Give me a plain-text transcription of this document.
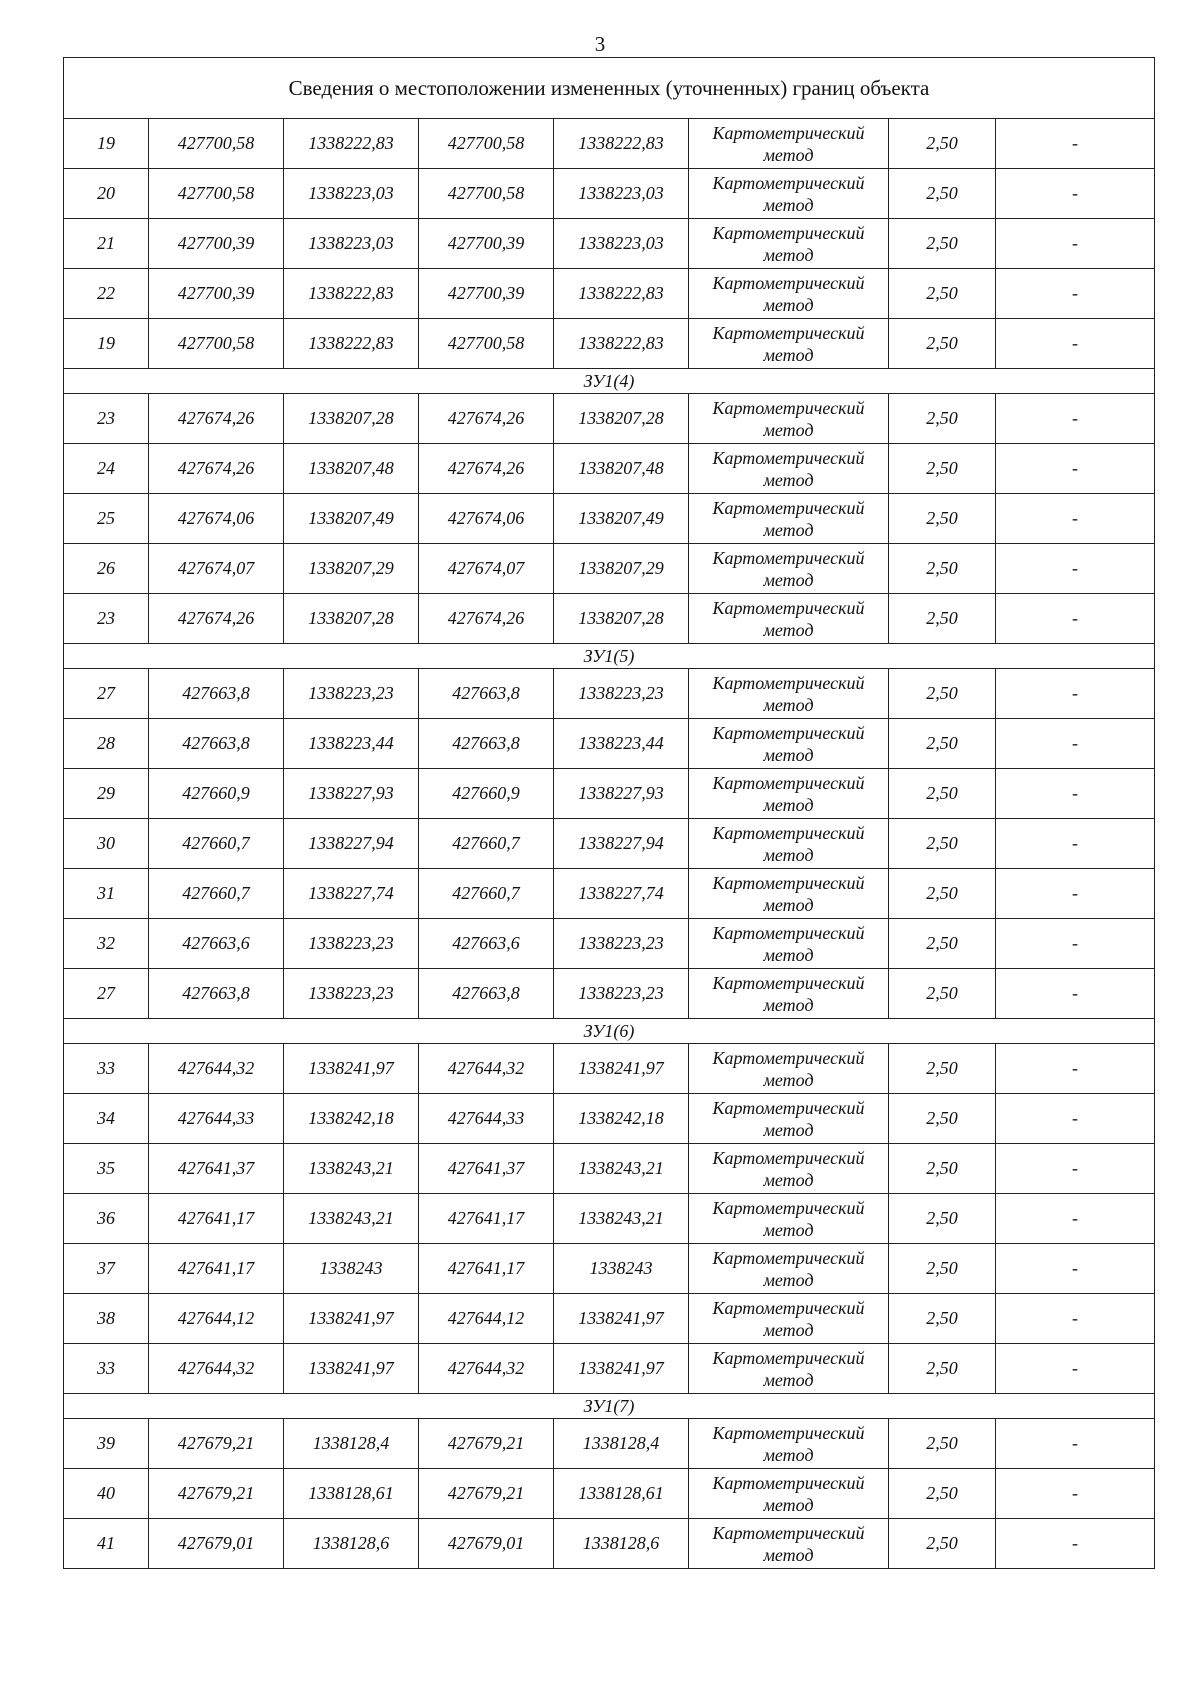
3
Сведения о местоположении измененных (уточненных) границ объекта							
19	427700,58	1338222,83	427700,58	1338222,83	Картометрический метод	2,50	-
20	427700,58	1338223,03	427700,58	1338223,03	Картометрический метод	2,50	-
21	427700,39	1338223,03	427700,39	1338223,03	Картометрический метод	2,50	-
22	427700,39	1338222,83	427700,39	1338222,83	Картометрический метод	2,50	-
19	427700,58	1338222,83	427700,58	1338222,83	Картометрический метод	2,50	-
ЗУ1(4)							
23	427674,26	1338207,28	427674,26	1338207,28	Картометрический метод	2,50	-
24	427674,26	1338207,48	427674,26	1338207,48	Картометрический метод	2,50	-
25	427674,06	1338207,49	427674,06	1338207,49	Картометрический метод	2,50	-
26	427674,07	1338207,29	427674,07	1338207,29	Картометрический метод	2,50	-
23	427674,26	1338207,28	427674,26	1338207,28	Картометрический метод	2,50	-
ЗУ1(5)							
27	427663,8	1338223,23	427663,8	1338223,23	Картометрический метод	2,50	-
28	427663,8	1338223,44	427663,8	1338223,44	Картометрический метод	2,50	-
29	427660,9	1338227,93	427660,9	1338227,93	Картометрический метод	2,50	-
30	427660,7	1338227,94	427660,7	1338227,94	Картометрический метод	2,50	-
31	427660,7	1338227,74	427660,7	1338227,74	Картометрический метод	2,50	-
32	427663,6	1338223,23	427663,6	1338223,23	Картометрический метод	2,50	-
27	427663,8	1338223,23	427663,8	1338223,23	Картометрический метод	2,50	-
ЗУ1(6)							
33	427644,32	1338241,97	427644,32	1338241,97	Картометрический метод	2,50	-
34	427644,33	1338242,18	427644,33	1338242,18	Картометрический метод	2,50	-
35	427641,37	1338243,21	427641,37	1338243,21	Картометрический метод	2,50	-
36	427641,17	1338243,21	427641,17	1338243,21	Картометрический метод	2,50	-
37	427641,17	1338243	427641,17	1338243	Картометрический метод	2,50	-
38	427644,12	1338241,97	427644,12	1338241,97	Картометрический метод	2,50	-
33	427644,32	1338241,97	427644,32	1338241,97	Картометрический метод	2,50	-
ЗУ1(7)							
39	427679,21	1338128,4	427679,21	1338128,4	Картометрический метод	2,50	-
40	427679,21	1338128,61	427679,21	1338128,61	Картометрический метод	2,50	-
41	427679,01	1338128,6	427679,01	1338128,6	Картометрический метод	2,50	-
